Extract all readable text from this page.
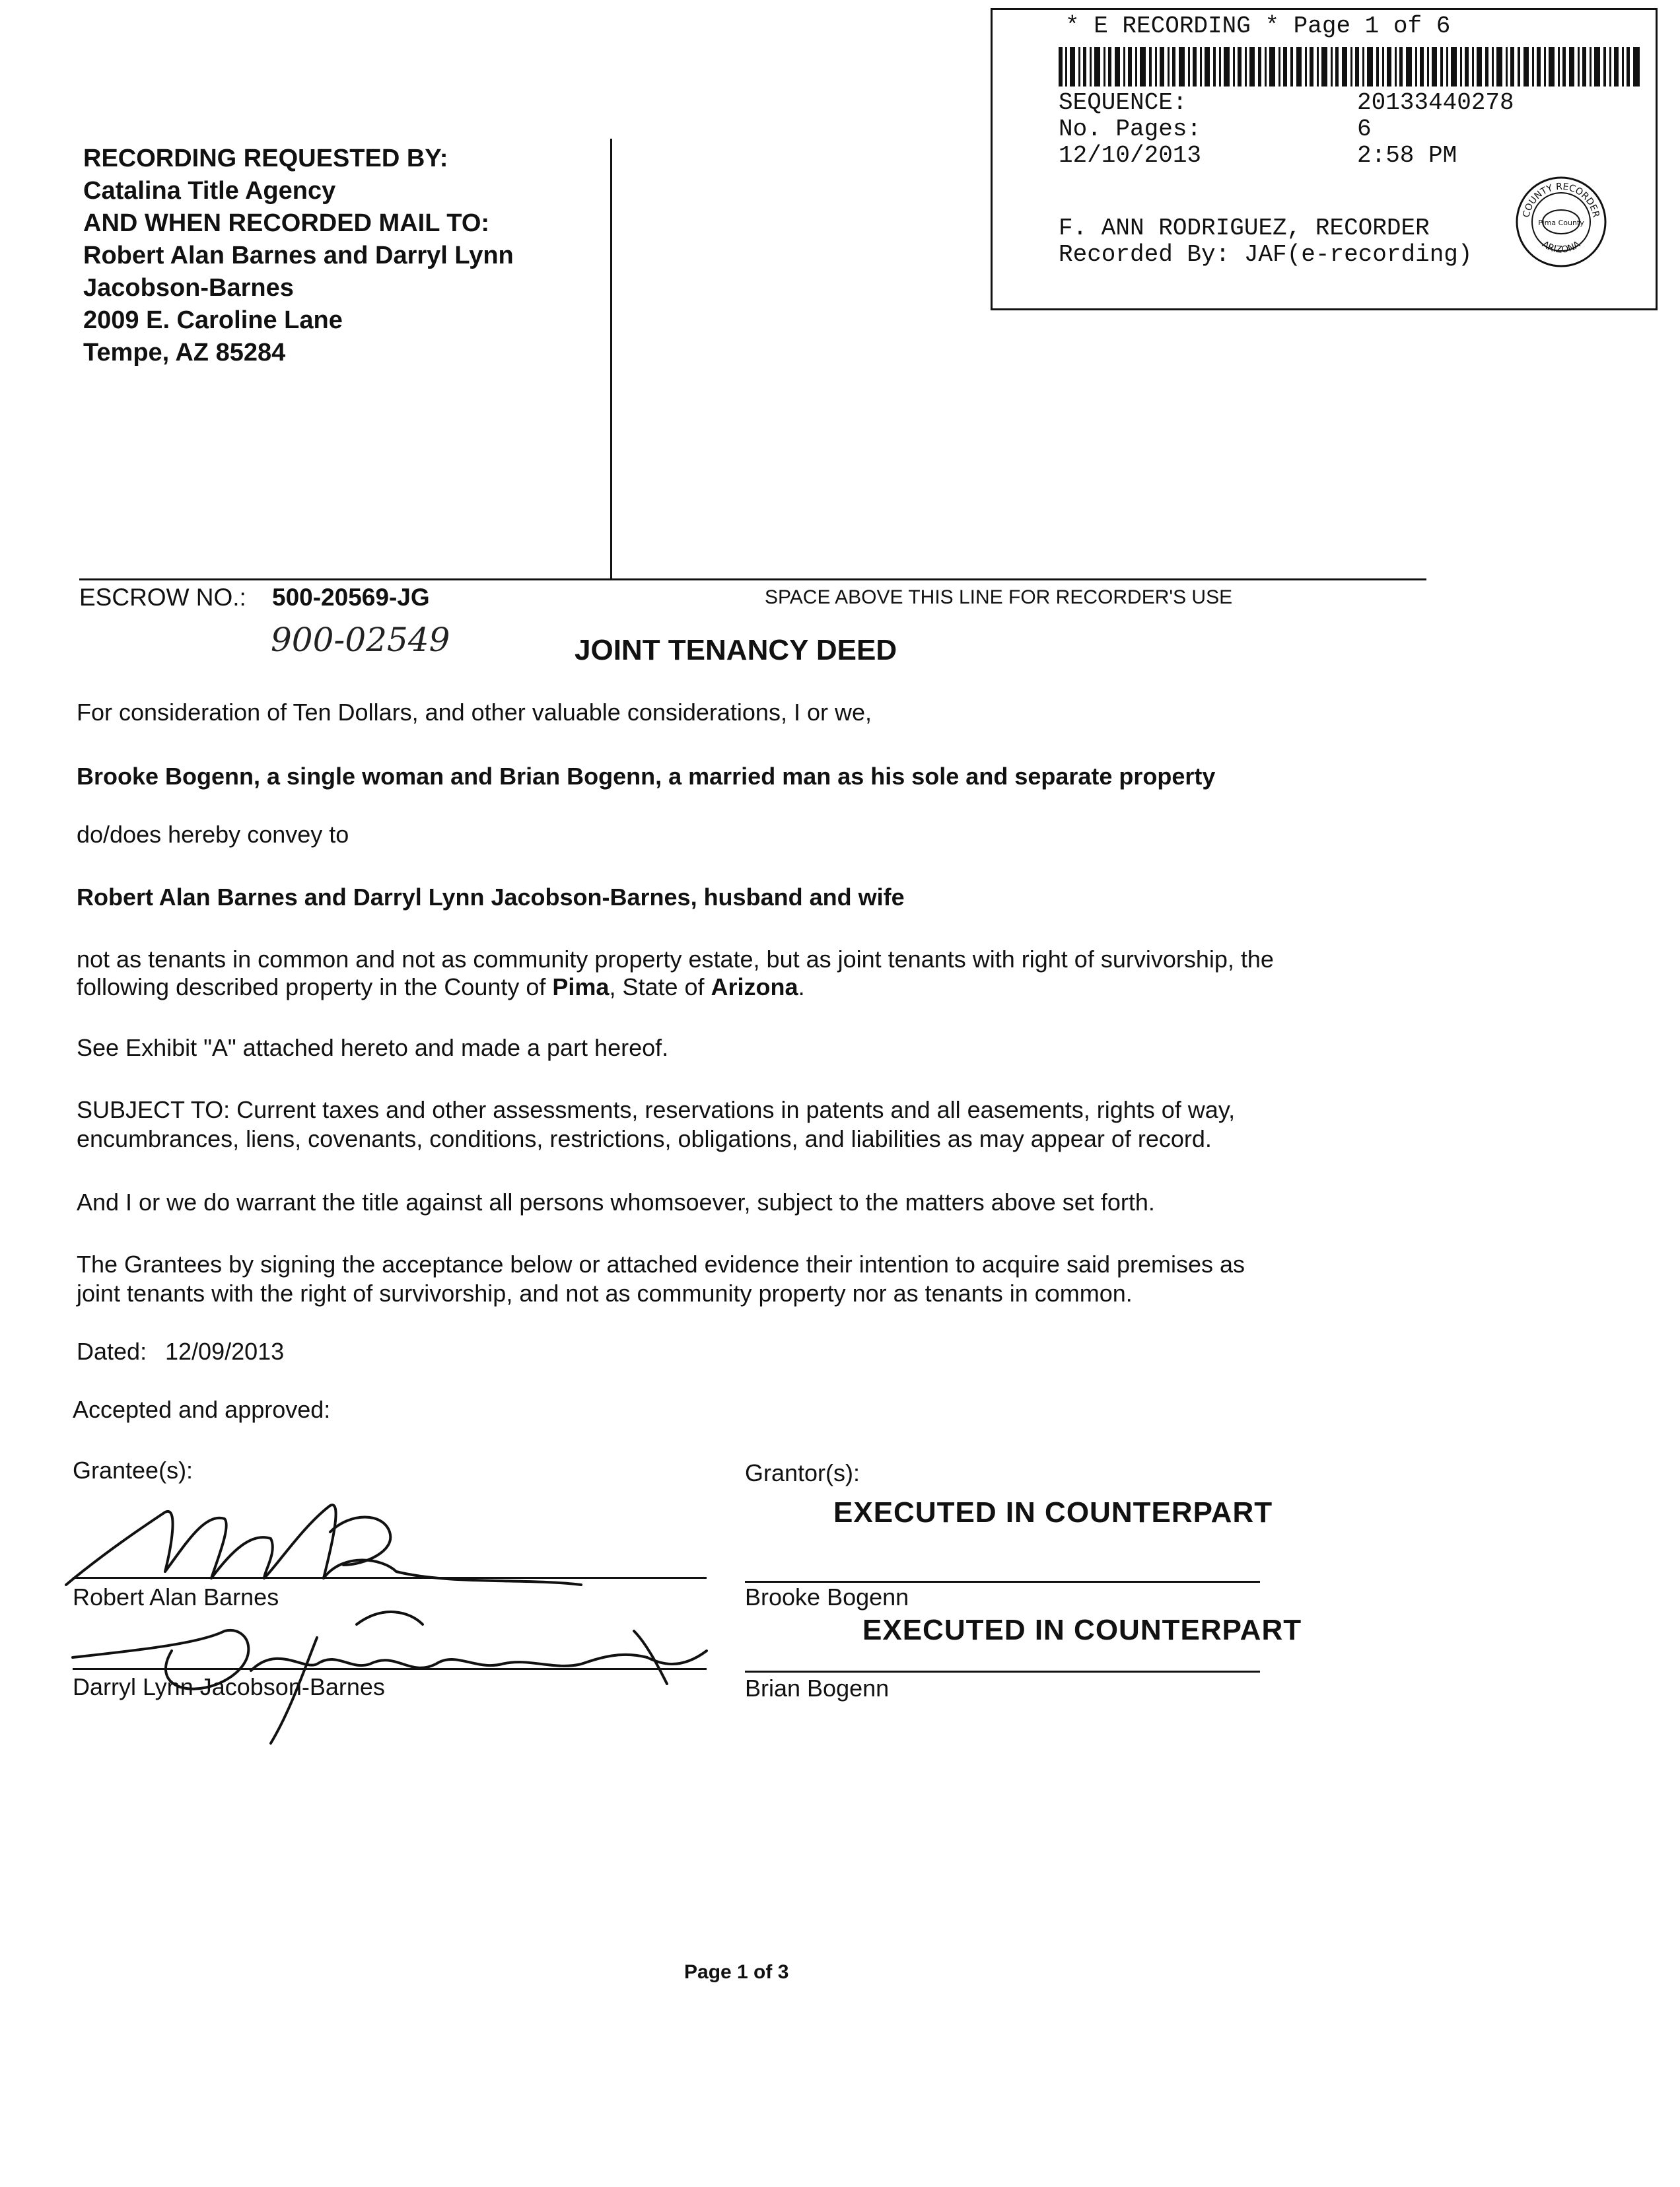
* E RECORDING * Page 1 of 6
SEQUENCE:	20133440278
No. Pages:	6
12/10/2013	2:58 PM
F. ANN RODRIGUEZ, RECORDER
Recorded By: JAF(e-recording)
COUNTY RECORDER
ARIZONA
Pima County
RECORDING REQUESTED BY:
Catalina Title Agency
AND WHEN RECORDED MAIL TO:
Robert Alan Barnes and Darryl Lynn
Jacobson-Barnes
2009 E. Caroline Lane
Tempe, AZ 85284
ESCROW NO.: 500-20569-JG	SPACE ABOVE THIS LINE FOR RECORDER'S USE
900-02549	JOINT TENANCY DEED
For consideration of Ten Dollars, and other valuable considerations, I or we,
Brooke Bogenn, a single woman and Brian Bogenn, a married man as his sole and separate property
do/does hereby convey to
Robert Alan Barnes and Darryl Lynn Jacobson-Barnes, husband and wife
not as tenants in common and not as community property estate, but as joint tenants with right of survivorship, the
following described property in the County of Pima, State of Arizona.
See Exhibit "A" attached hereto and made a part hereof.
SUBJECT TO: Current taxes and other assessments, reservations in patents and all easements, rights of way,
encumbrances, liens, covenants, conditions, restrictions, obligations, and liabilities as may appear of record.
And I or we do warrant the title against all persons whomsoever, subject to the matters above set forth.
The Grantees by signing the acceptance below or attached evidence their intention to acquire said premises as
joint tenants with the right of survivorship, and not as community property nor as tenants in common.
Dated: 12/09/2013
Accepted and approved:
Grantee(s):
Robert Alan Barnes
Darryl Lynn Jacobson-Barnes
Grantor(s):
EXECUTED IN COUNTERPART
Brooke Bogenn
EXECUTED IN COUNTERPART
Brian Bogenn
Page 1 of 3
